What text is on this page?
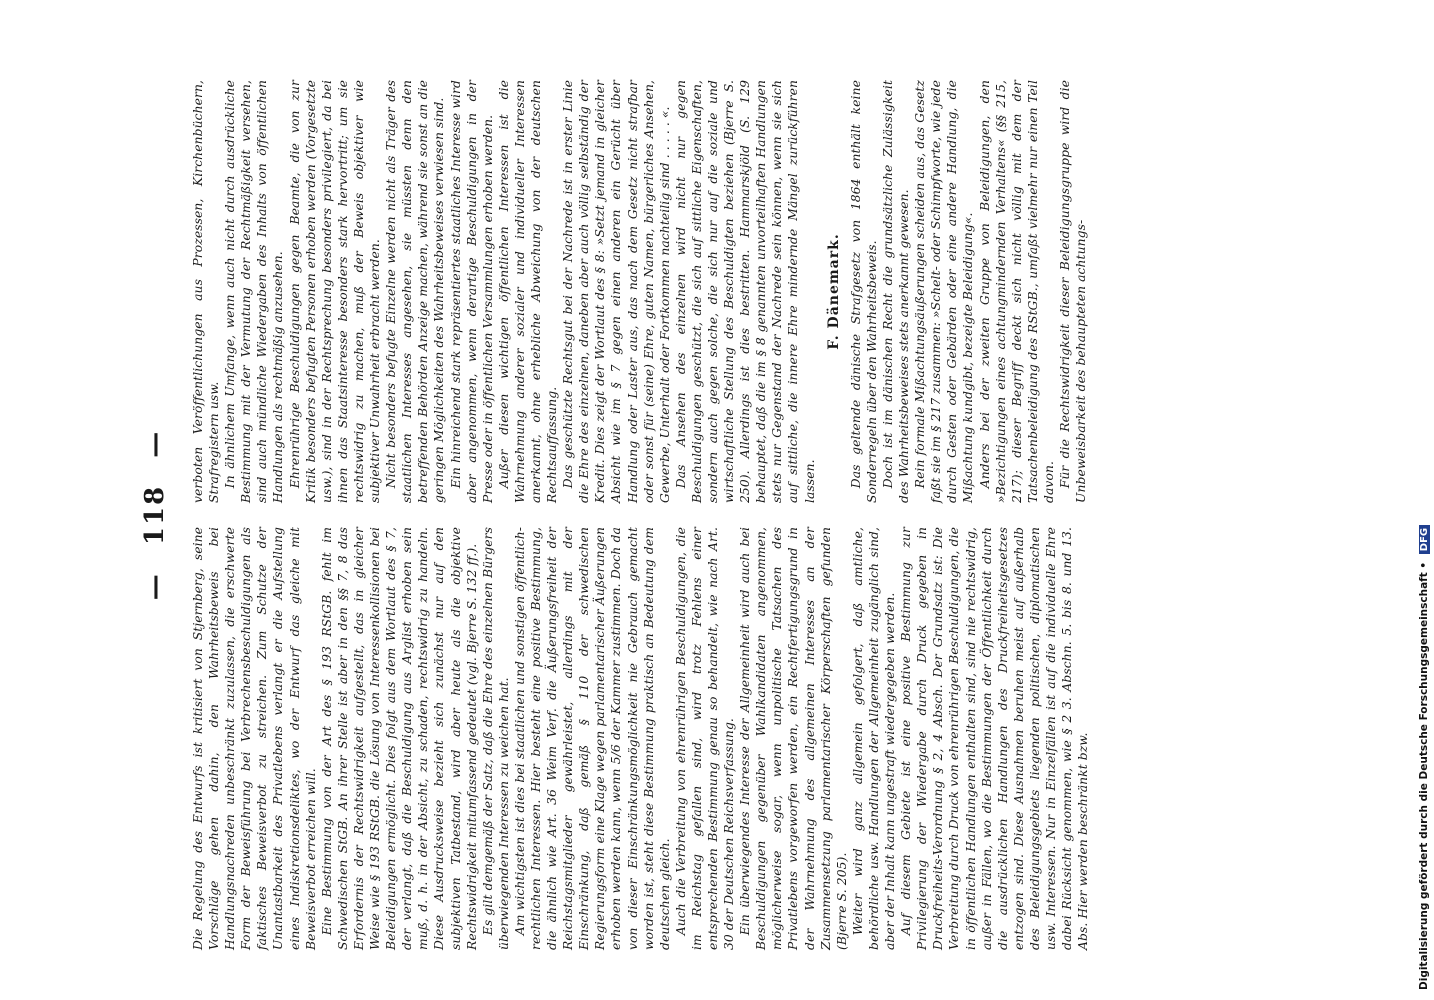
— 118 —

Die Regelung des Entwurfs ist kritisiert von Stjernberg, seine Vorschläge gehen dahin, den Wahrheitsbeweis bei Handlungsnachreden unbeschränkt zuzulassen, die erschwerte Form der Beweisführung bei Verbrechensbeschuldigungen als faktisches Beweisverbot zu streichen. Zum Schutze der Unantastbarkeit des Privatlebens verlangt er die Aufstellung eines Indiskretionsdeliktes, wo der Entwurf das gleiche mit Beweisverbot erreichen will. Eine Bestimmung von der Art des § 193 RStGB. fehlt im Schwedischen StGB. An ihrer Stelle ist aber in den §§ 7, 8 das Erfordernis der Rechtswidrigkeit aufgestellt, das in gleicher Weise wie § 193 RStGB. die Lösung von Interessenkollisionen bei Beleidigungen ermöglicht. Dies folgt aus dem Wortlaut des § 7, der verlangt, daß die Beschuldigung aus Arglist erhoben sein muß, d. h. in der Absicht, zu schaden, rechtswidrig zu handeln. Diese Ausdrucksweise bezieht sich zunächst nur auf den subjektiven Tatbestand, wird aber heute als die objektive Rechtswidrigkeit mitumfassend gedeutet (vgl. Bjerre S. 132 ff.). Es gilt demgemäß der Satz, daß die Ehre des einzelnen Bürgers überwiegenden Interessen zu weichen hat. Am wichtigsten ist dies bei staatlichen und sonstigen öffentlich-rechtlichen Interessen. Hier besteht eine positive Bestimmung, die ähnlich wie Art. 36 Weim Verf. die Äußerungsfreiheit der Reichstagsmitglieder gewährleistet, allerdings mit der Einschränkung, daß gemäß § 110 der schwedischen Regierungsform eine Klage wegen parlamentarischer Äußerungen erhoben werden kann, wenn 5/6 der Kammer zustimmen. Doch da von dieser Einschränkungsmöglichkeit nie Gebrauch gemacht worden ist, steht diese Bestimmung praktisch an Bedeutung dem deutschen gleich. Auch die Verbreitung von ehrenrührigen Beschuldigungen, die im Reichstag gefallen sind, wird trotz Fehlens einer entsprechenden Bestimmung genau so behandelt, wie nach Art. 30 der Deutschen Reichsverfassung. Ein überwiegendes Interesse der Allgemeinheit wird auch bei Beschuldigungen gegenüber Wahlkandidaten angenommen, möglicherweise sogar, wenn unpolitische Tatsachen des Privatlebens vorgeworfen werden, ein Rechtfertigungsgrund in der Wahrnehmung des allgemeinen Interesses an der Zusammensetzung parlamentarischer Körperschaften gefunden (Bjerre S. 205). Weiter wird ganz allgemein gefolgert, daß amtliche, behördliche usw. Handlungen der Allgemeinheit zugänglich sind, aber der Inhalt kann ungestraft wiedergegeben werden. Auf diesem Gebiete ist eine positive Bestimmung zur Privilegierung der Wiedergabe durch Druck gegeben in Druckfreiheits-Verordnung § 2, 4 Absch. Der Grundsatz ist: Die Verbreitung durch Druck von ehrenrührigen Beschuldigungen, die in öffentlichen Handlungen enthalten sind, sind nie rechtswidrig, außer in Fällen, wo die Bestimmungen der Öffentlichkeit durch die ausdrücklichen Handlungen des Druckfreiheitsgesetzes entzogen sind. Diese Ausnahmen beruhen meist auf außerhalb des Beleidigungsgebiets liegenden politischen, diplomatischen usw. Interessen. Nur in Einzelfällen ist auf die individuelle Ehre dabei Rücksicht genommen, wie § 2 3. Abschn. 5. bis 8. und 13. Abs. Hier werden beschränkt bzw.

verboten Veröffentlichungen aus Prozessen, Kirchenbüchern, Strafregistern usw. In ähnlichem Umfange, wenn auch nicht durch ausdrückliche Bestimmung mit der Vermutung der Rechtmäßigkeit versehen, sind auch mündliche Wiedergaben des Inhalts von öffentlichen Handlungen als rechtmäßig anzusehen. Ehrenrührige Beschuldigungen gegen Beamte, die von zur Kritik besonders befugten Personen erhoben werden (Vorgesetzte usw.), sind in der Rechtsprechung besonders privilegiert, da bei ihnen das Staatsinteresse besonders stark hervortritt; um sie rechtswidrig zu machen, muß der Beweis objektiver wie subjektiver Unwahrheit erbracht werden. Nicht besonders befugte Einzelne werden nicht als Träger des staatlichen Interesses angesehen, sie müssten denn den betreffenden Behörden Anzeige machen, während sie sonst an die geringen Möglichkeiten des Wahrheitsbeweises verwiesen sind. Ein hinreichend stark repräsentiertes staatliches Interesse wird aber angenommen, wenn derartige Beschuldigungen in der Presse oder in öffentlichen Versammlungen erhoben werden. Außer diesen wichtigen öffentlichen Interessen ist die Wahrnehmung anderer sozialer und individueller Interessen anerkannt, ohne erhebliche Abweichung von der deutschen Rechtsauffassung. Das geschützte Rechtsgut bei der Nachrede ist in erster Linie die Ehre des einzelnen, daneben aber auch völlig selbständig der Kredit. Dies zeigt der Wortlaut des § 8: »Setzt jemand in gleicher Absicht wie im § 7 gegen einen anderen ein Gerücht über Handlung oder Laster aus, das nach dem Gesetz nicht strafbar oder sonst für (seine) Ehre, guten Namen, bürgerliches Ansehen, Gewerbe, Unterhalt oder Fortkommen nachteilig sind . . . . . «. Das Ansehen des einzelnen wird nicht nur gegen Beschuldigungen geschützt, die sich auf sittliche Eigenschaften, sondern auch gegen solche, die sich nur auf die soziale und wirtschaftliche Stellung des Beschuldigten beziehen (Bjerre S. 250). Allerdings ist dies bestritten. Hammarskjöld (S. 129 behauptet, daß die im § 8 genannten unvorteilhaften Handlungen stets nur Gegenstand der Nachrede sein können, wenn sie sich auf sittliche, die innere Ehre mindernde Mängel zurückführen lassen.

F. Dänemark. Das geltende dänische Strafgesetz von 1864 enthält keine Sonderregeln über den Wahrheitsbeweis. Doch ist im dänischen Recht die grundsätzliche Zulässigkeit des Wahrheitsbeweises stets anerkannt gewesen. Rein formale Mißachtungsäußerungen scheiden aus, das Gesetz faßt sie im § 217 zusammen: »Schelt- oder Schimpfworte, wie jede durch Gesten oder Gebärden oder eine andere Handlung, die Mißachtung kundgibt, bezeigte Beleidigung«. Anders bei der zweiten Gruppe von Beleidigungen, den »Bezichtigungen eines achtungmindernden Verhaltens« (§§ 215, 217); dieser Begriff deckt sich nicht völlig mit dem der Tatsachenbeleidigung des RStGB., umfaßt vielmehr nur einen Teil davon. Für die Rechtswidrigkeit dieser Beleidigungsgruppe wird die Unbeweisbarkeit des behaupteten achtungs-

Digitalisierung gefördert durch die Deutsche Forschungsgemeinschaft • DFG
